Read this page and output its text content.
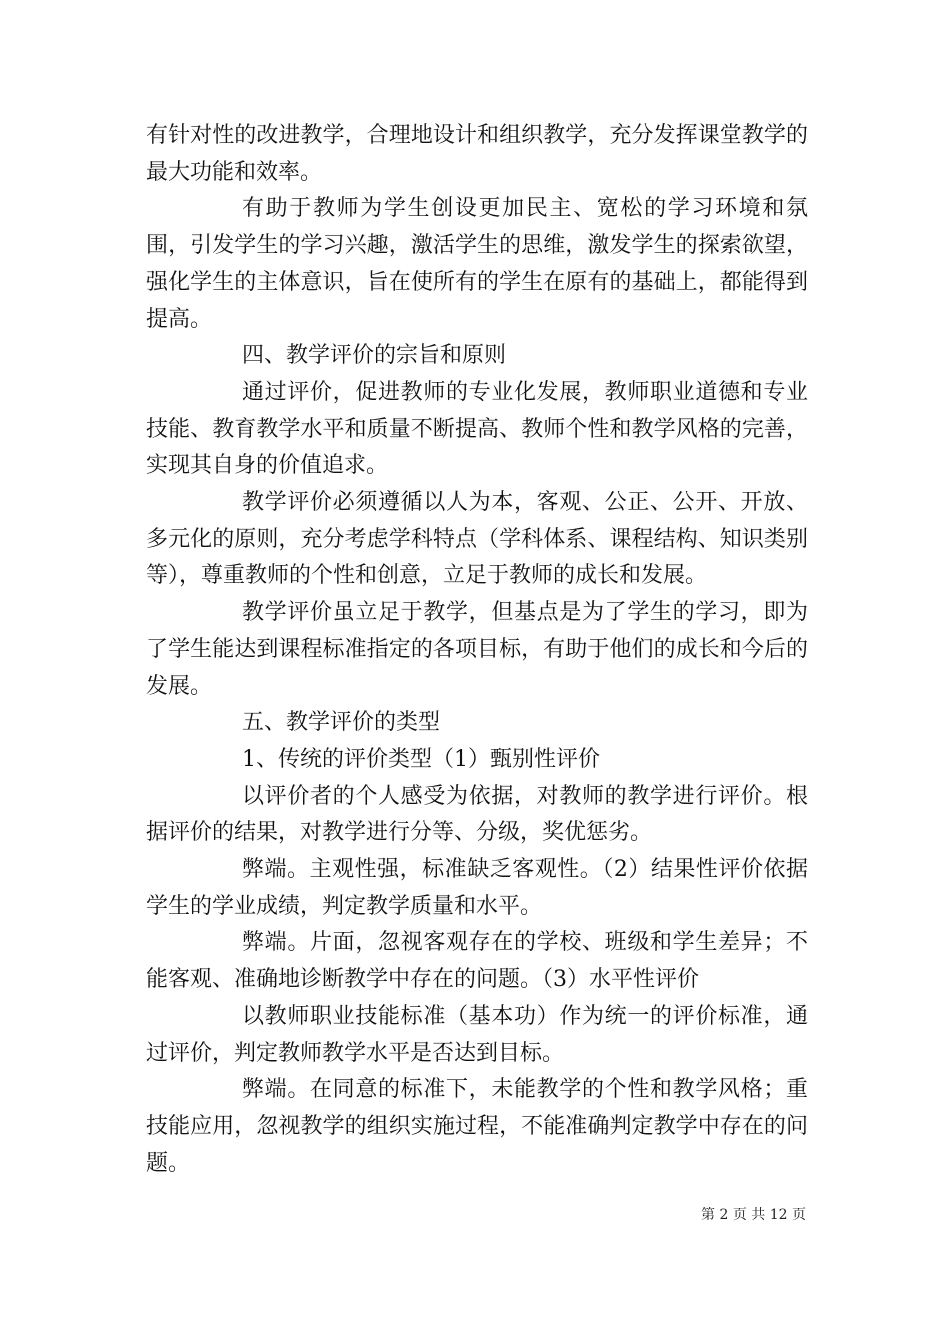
有针对性的改进教学，合理地设计和组织教学，充分发挥课堂教学的最大功能和效率。

有助于教师为学生创设更加民主、宽松的学习环境和氛围，引发学生的学习兴趣，激活学生的思维，激发学生的探索欲望，强化学生的主体意识，旨在使所有的学生在原有的基础上，都能得到提高。

四、教学评价的宗旨和原则

通过评价，促进教师的专业化发展，教师职业道德和专业技能、教育教学水平和质量不断提高、教师个性和教学风格的完善，实现其自身的价值追求。

教学评价必须遵循以人为本，客观、公正、公开、开放、多元化的原则，充分考虑学科特点（学科体系、课程结构、知识类别等），尊重教师的个性和创意，立足于教师的成长和发展。

教学评价虽立足于教学，但基点是为了学生的学习，即为了学生能达到课程标准指定的各项目标，有助于他们的成长和今后的发展。

五、教学评价的类型

1、传统的评价类型（1）甄别性评价

以评价者的个人感受为依据，对教师的教学进行评价。根据评价的结果，对教学进行分等、分级，奖优惩劣。

弊端。主观性强，标准缺乏客观性。（2）结果性评价依据学生的学业成绩，判定教学质量和水平。

弊端。片面，忽视客观存在的学校、班级和学生差异；不能客观、准确地诊断教学中存在的问题。（3）水平性评价

以教师职业技能标准（基本功）作为统一的评价标准，通过评价，判定教师教学水平是否达到目标。

弊端。在同意的标准下，未能教学的个性和教学风格；重技能应用，忽视教学的组织实施过程，不能准确判定教学中存在的问题。

第 2 页 共 12 页
